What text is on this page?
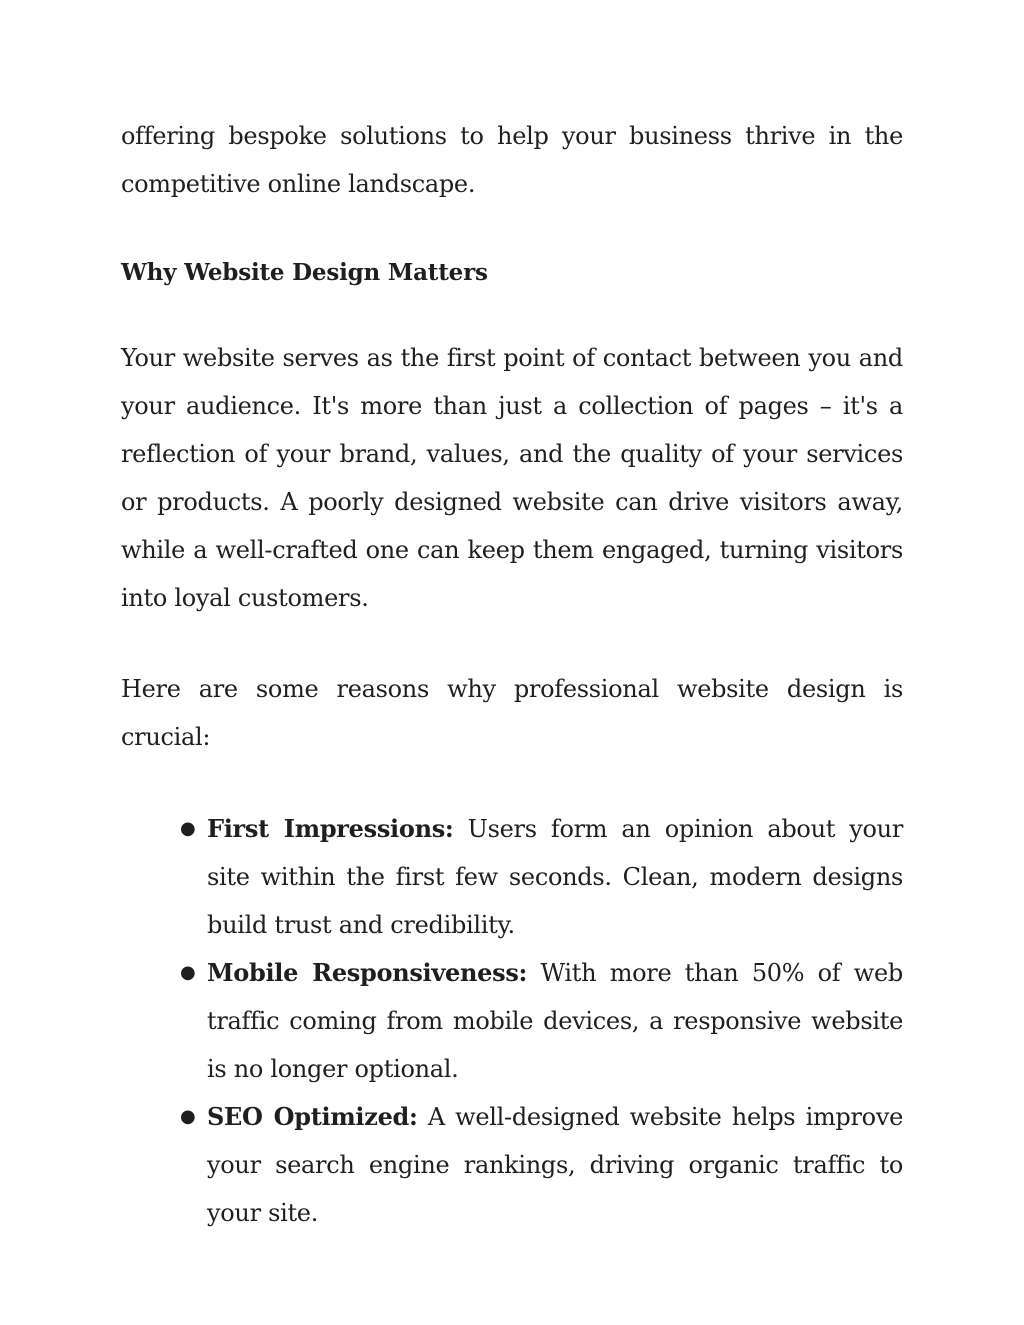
offering bespoke solutions to help your business thrive in the competitive online landscape.

Why Website Design Matters

Your website serves as the first point of contact between you and your audience. It's more than just a collection of pages – it's a reflection of your brand, values, and the quality of your services or products. A poorly designed website can drive visitors away, while a well-crafted one can keep them engaged, turning visitors into loyal customers.

Here are some reasons why professional website design is crucial:

● First Impressions: Users form an opinion about your site within the first few seconds. Clean, modern designs build trust and credibility.
● Mobile Responsiveness: With more than 50% of web traffic coming from mobile devices, a responsive website is no longer optional.
● SEO Optimized: A well-designed website helps improve your search engine rankings, driving organic traffic to your site.
